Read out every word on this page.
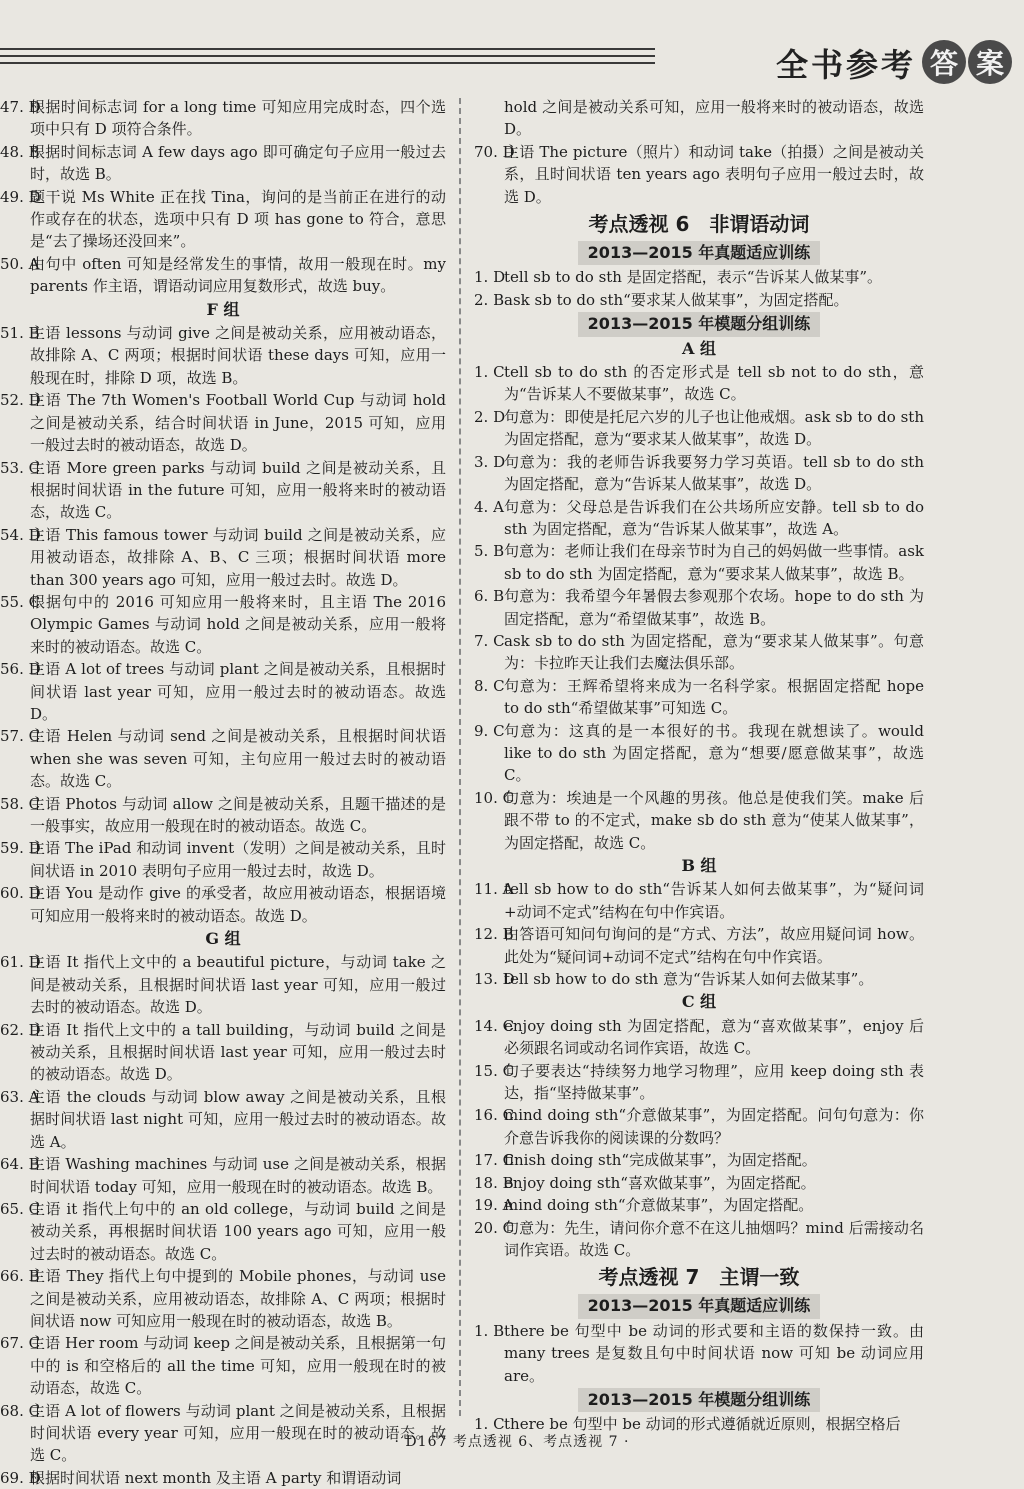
全书参考 答 案
47. D
根据时间标志词 for a long time 可知应用完成时态，四个选项中只有 D 项符合条件。
48. B
根据时间标志词 A few days ago 即可确定句子应用一般过去时，故选 B。
49. D
题干说 Ms White 正在找 Tina，询问的是当前正在进行的动作或存在的状态，选项中只有 D 项 has gone to 符合，意思是“去了操场还没回来”。
50. A
由句中 often 可知是经常发生的事情，故用一般现在时。my parents 作主语，谓语动词应用复数形式，故选 buy。
F 组
51. B
主语 lessons 与动词 give 之间是被动关系，应用被动语态，故排除 A、C 两项；根据时间状语 these days 可知，应用一般现在时，排除 D 项，故选 B。
52. D
主语 The 7th Women's Football World Cup 与动词 hold 之间是被动关系，结合时间状语 in June，2015 可知，应用一般过去时的被动语态，故选 D。
53. C
主语 More green parks 与动词 build 之间是被动关系，且根据时间状语 in the future 可知，应用一般将来时的被动语态，故选 C。
54. D
主语 This famous tower 与动词 build 之间是被动关系，应用被动语态，故排除 A、B、C 三项；根据时间状语 more than 300 years ago 可知，应用一般过去时。故选 D。
55. C
根据句中的 2016 可知应用一般将来时，且主语 The 2016 Olympic Games 与动词 hold 之间是被动关系，应用一般将来时的被动语态。故选 C。
56. D
主语 A lot of trees 与动词 plant 之间是被动关系，且根据时间状语 last year 可知，应用一般过去时的被动语态。故选 D。
57. C
主语 Helen 与动词 send 之间是被动关系，且根据时间状语 when she was seven 可知，主句应用一般过去时的被动语态。故选 C。
58. C
主语 Photos 与动词 allow 之间是被动关系，且题干描述的是一般事实，故应用一般现在时的被动语态。故选 C。
59. D
主语 The iPad 和动词 invent（发明）之间是被动关系，且时间状语 in 2010 表明句子应用一般过去时，故选 D。
60. D
主语 You 是动作 give 的承受者，故应用被动语态，根据语境可知应用一般将来时的被动语态。故选 D。
G 组
61. D
主语 It 指代上文中的 a beautiful picture，与动词 take 之间是被动关系，且根据时间状语 last year 可知，应用一般过去时的被动语态。故选 D。
62. D
主语 It 指代上文中的 a tall building，与动词 build 之间是被动关系，且根据时间状语 last year 可知，应用一般过去时的被动语态。故选 D。
63. A
主语 the clouds 与动词 blow away 之间是被动关系，且根据时间状语 last night 可知，应用一般过去时的被动语态。故选 A。
64. B
主语 Washing machines 与动词 use 之间是被动关系，根据时间状语 today 可知，应用一般现在时的被动语态。故选 B。
65. C
主语 it 指代上句中的 an old college，与动词 build 之间是被动关系，再根据时间状语 100 years ago 可知，应用一般过去时的被动语态。故选 C。
66. B
主语 They 指代上句中提到的 Mobile phones，与动词 use 之间是被动关系，应用被动语态，故排除 A、C 两项；根据时间状语 now 可知应用一般现在时的被动语态，故选 B。
67. C
主语 Her room 与动词 keep 之间是被动关系，且根据第一句中的 is 和空格后的 all the time 可知，应用一般现在时的被动语态，故选 C。
68. C
主语 A lot of flowers 与动词 plant 之间是被动关系，且根据时间状语 every year 可知，应用一般现在时的被动语态。故选 C。
69. D
根据时间状语 next month 及主语 A party 和谓语动词
hold 之间是被动关系可知，应用一般将来时的被动语态，故选 D。
70. D
主语 The picture（照片）和动词 take（拍摄）之间是被动关系，且时间状语 ten years ago 表明句子应用一般过去时，故选 D。
考点透视 6　非谓语动词
2013—2015 年真题适应训练
1. D
tell sb to do sth 是固定搭配，表示“告诉某人做某事”。
2. B ask sb to do sth“要求某人做某事”，为固定搭配。
2013—2015 年模题分组训练
A 组
1. C tell sb to do sth 的否定形式是 tell sb not to do sth，意为“告诉某人不要做某事”，故选 C。
2. D
句意为：即使是托尼六岁的儿子也让他戒烟。ask sb to do sth 为固定搭配，意为“要求某人做某事”，故选 D。
3. D
句意为：我的老师告诉我要努力学习英语。tell sb to do sth 为固定搭配，意为“告诉某人做某事”，故选 D。
4. A 句意为：父母总是告诉我们在公共场所应安静。tell sb to do sth 为固定搭配，意为“告诉某人做某事”，故选 A。
5. B 句意为：老师让我们在母亲节时为自己的妈妈做一些事情。ask sb to do sth 为固定搭配，意为“要求某人做某事”，故选 B。
6. B 句意为：我希望今年暑假去参观那个农场。hope to do sth 为固定搭配，意为“希望做某事”，故选 B。
7. C ask sb to do sth 为固定搭配，意为“要求某人做某事”。句意为：卡拉昨天让我们去魔法俱乐部。
8. C 句意为：王辉希望将来成为一名科学家。根据固定搭配 hope to do sth“希望做某事”可知选 C。
9. C 句意为：这真的是一本很好的书。我现在就想读了。would like to do sth 为固定搭配，意为“想要/愿意做某事”，故选 C。
10. C
句意为：埃迪是一个风趣的男孩。他总是使我们笑。make 后跟不带 to 的不定式，make sb do sth 意为“使某人做某事”，为固定搭配，故选 C。
B 组
11. A
tell sb how to do sth“告诉某人如何去做某事”，为“疑问词+动词不定式”结构在句中作宾语。
12. B
由答语可知问句询问的是“方式、方法”，故应用疑问词 how。此处为“疑问词+动词不定式”结构在句中作宾语。
13. D
tell sb how to do sth 意为“告诉某人如何去做某事”。
C 组
14. C
enjoy doing sth 为固定搭配，意为“喜欢做某事”，enjoy 后必须跟名词或动名词作宾语，故选 C。
15. C
句子要表达“持续努力地学习物理”，应用 keep doing sth 表达，指“坚持做某事”。
16. C
mind doing sth“介意做某事”，为固定搭配。问句句意为：你介意告诉我你的阅读课的分数吗？
17. C
finish doing sth“完成做某事”，为固定搭配。
18. B
enjoy doing sth“喜欢做某事”，为固定搭配。
19. A
mind doing sth“介意做某事”，为固定搭配。
20. C
句意为：先生，请问你介意不在这儿抽烟吗？mind 后需接动名词作宾语。故选 C。
考点透视 7　主谓一致
2013—2015 年真题适应训练
1. B there be 句型中 be 动词的形式要和主语的数保持一致。由 many trees 是复数且句中时间状语 now 可知 be 动词应用 are。
2013—2015 年模题分组训练
1. C there be 句型中 be 动词的形式遵循就近原则，根据空格后
· D167 考点透视 6、考点透视 7 ·
